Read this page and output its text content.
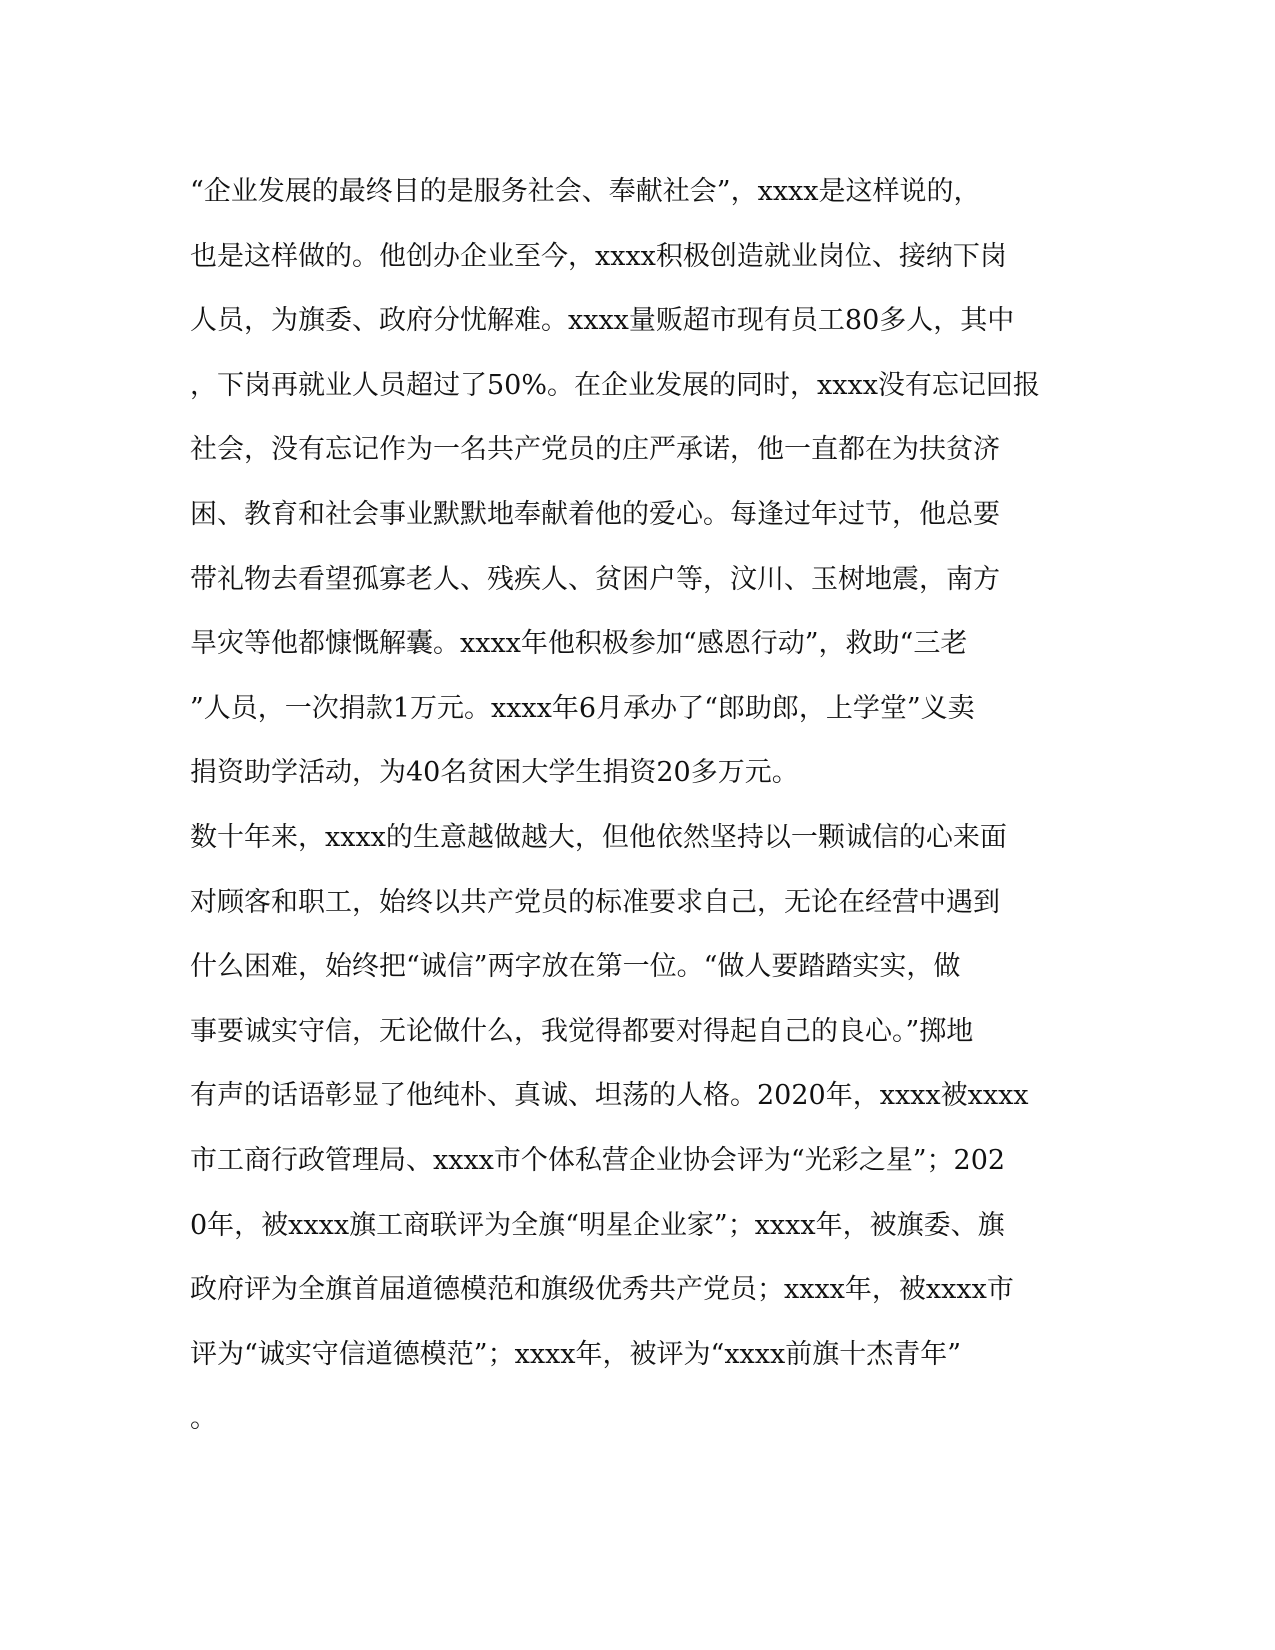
“企业发展的最终目的是服务社会、奉献社会”，xxxx是这样说的，
也是这样做的。他创办企业至今，xxxx积极创造就业岗位、接纳下岗
人员，为旗委、政府分忧解难。xxxx量贩超市现有员工80多人，其中
，下岗再就业人员超过了50%。在企业发展的同时，xxxx没有忘记回报
社会，没有忘记作为一名共产党员的庄严承诺，他一直都在为扶贫济
困、教育和社会事业默默地奉献着他的爱心。每逢过年过节，他总要
带礼物去看望孤寡老人、残疾人、贫困户等，汶川、玉树地震，南方
旱灾等他都慷慨解囊。xxxx年他积极参加“感恩行动”，救助“三老
”人员，一次捐款1万元。xxxx年6月承办了“郎助郎，上学堂”义卖
捐资助学活动，为40名贫困大学生捐资20多万元。
数十年来，xxxx的生意越做越大，但他依然坚持以一颗诚信的心来面
对顾客和职工，始终以共产党员的标准要求自己，无论在经营中遇到
什么困难，始终把“诚信”两字放在第一位。“做人要踏踏实实，做
事要诚实守信，无论做什么，我觉得都要对得起自己的良心。”掷地
有声的话语彰显了他纯朴、真诚、坦荡的人格。2020年，xxxx被xxxx
市工商行政管理局、xxxx市个体私营企业协会评为“光彩之星”；202
0年，被xxxx旗工商联评为全旗“明星企业家”；xxxx年，被旗委、旗
政府评为全旗首届道德模范和旗级优秀共产党员；xxxx年，被xxxx市
评为“诚实守信道德模范”；xxxx年，被评为“xxxx前旗十杰青年”
。
